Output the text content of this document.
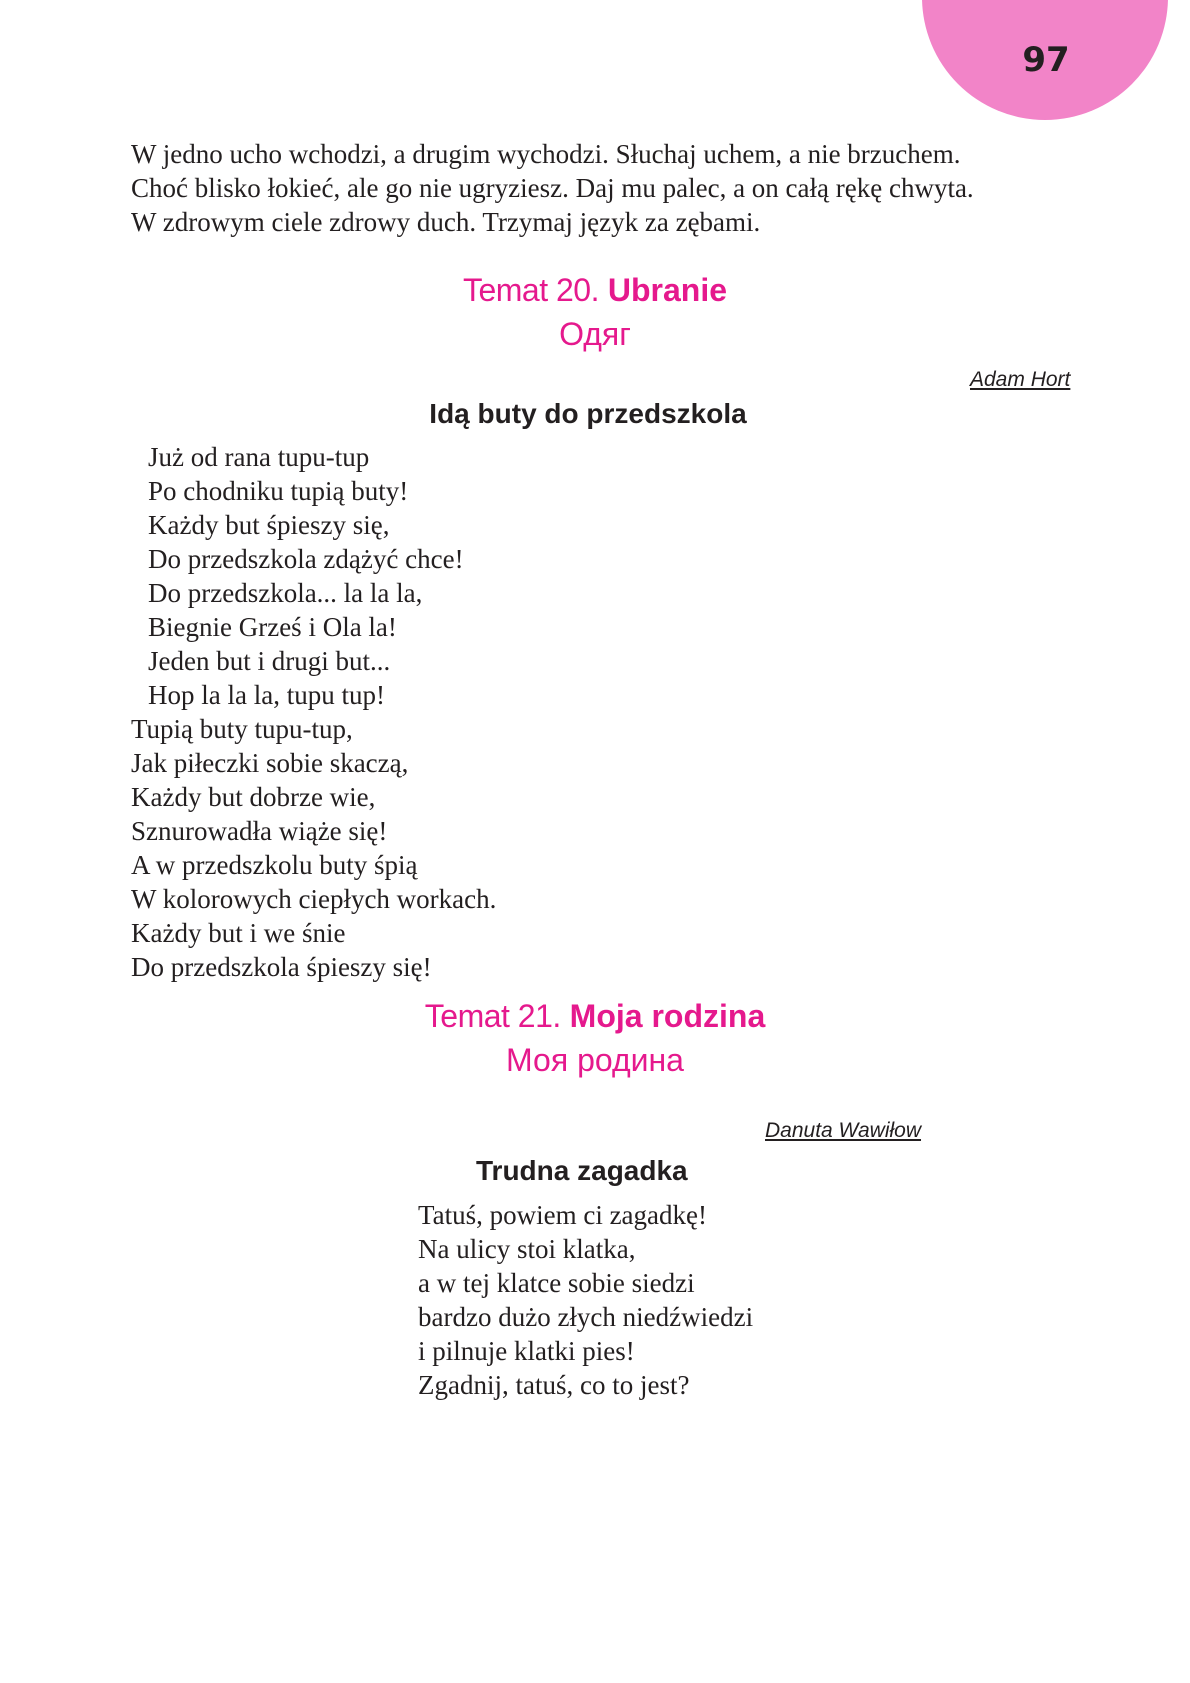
97
W jedno ucho wchodzi, a drugim wychodzi. Słuchaj uchem, a nie brzuchem.
Choć blisko łokieć, ale go nie ugryziesz. Daj mu palec, a on całą rękę chwyta.
W zdrowym ciele zdrowy duch. Trzymaj język za zębami.
Temat 20. Ubranie
Одяг
Adam Hort
Idą buty do przedszkola
Już od rana tupu-tup
Po chodniku tupią buty!
Każdy but śpieszy się,
Do przedszkola zdążyć chce!
Do przedszkola... la la la,
Biegnie Grześ i Ola la!
Jeden but i drugi but...
Hop la la la, tupu tup!
Tupią buty tupu-tup,
Jak piłeczki sobie skaczą,
Każdy but dobrze wie,
Sznurowadła wiąże się!
A w przedszkolu buty śpią
W kolorowych ciepłych workach.
Każdy but i we śnie
Do przedszkola śpieszy się!
Temat 21. Moja rodzina
Моя родина
Danuta Wawiłow
Trudna zagadka
Tatuś, powiem ci zagadkę!
Na ulicy stoi klatka,
a w tej klatce sobie siedzi
bardzo dużo złych niedźwiedzi
i pilnuje klatki pies!
Zgadnij, tatuś, co to jest?
